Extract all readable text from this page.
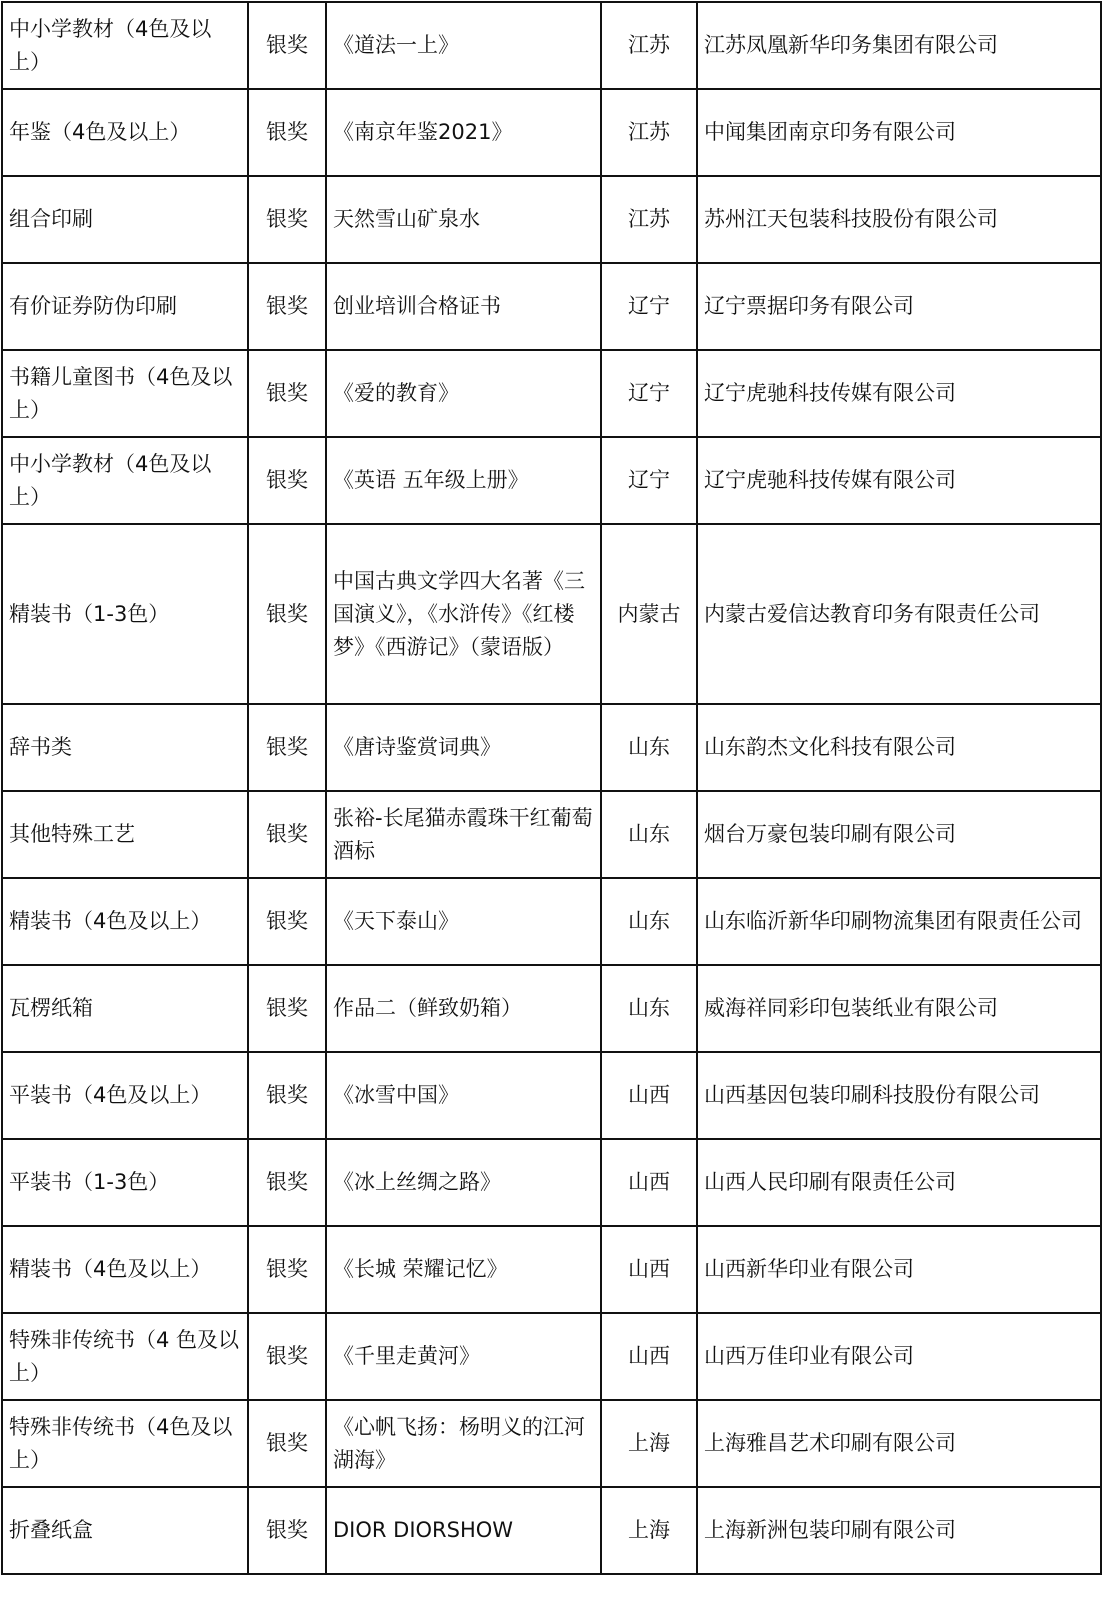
中小学教材（4色及以上）	银奖	《道法一上》	江苏	江苏凤凰新华印务集团有限公司
年鉴（4色及以上）	银奖	《南京年鉴2021》	江苏	中闻集团南京印务有限公司
组合印刷	银奖	天然雪山矿泉水	江苏	苏州江天包装科技股份有限公司
有价证券防伪印刷	银奖	创业培训合格证书	辽宁	辽宁票据印务有限公司
书籍儿童图书（4色及以上）	银奖	《爱的教育》	辽宁	辽宁虎驰科技传媒有限公司
中小学教材（4色及以上）	银奖	《英语 五年级上册》	辽宁	辽宁虎驰科技传媒有限公司
精装书（1-3色）	银奖	中国古典文学四大名著《三国演义》，《水浒传》《红楼梦》《西游记》（蒙语版）	内蒙古	内蒙古爱信达教育印务有限责任公司
辞书类	银奖	《唐诗鉴赏词典》	山东	山东韵杰文化科技有限公司
其他特殊工艺	银奖	张裕-长尾猫赤霞珠干红葡萄酒标	山东	烟台万豪包装印刷有限公司
精装书（4色及以上）	银奖	《天下泰山》	山东	山东临沂新华印刷物流集团有限责任公司
瓦楞纸箱	银奖	作品二（鲜致奶箱）	山东	威海祥同彩印包装纸业有限公司
平装书（4色及以上）	银奖	《冰雪中国》	山西	山西基因包装印刷科技股份有限公司
平装书（1-3色）	银奖	《冰上丝绸之路》	山西	山西人民印刷有限责任公司
精装书（4色及以上）	银奖	《长城 荣耀记忆》	山西	山西新华印业有限公司
特殊非传统书（4 色及以上）	银奖	《千里走黄河》	山西	山西万佳印业有限公司
特殊非传统书（4色及以上）	银奖	《心帆飞扬：杨明义的江河湖海》	上海	上海雅昌艺术印刷有限公司
折叠纸盒	银奖	DIOR DIORSHOW	上海	上海新洲包装印刷有限公司
